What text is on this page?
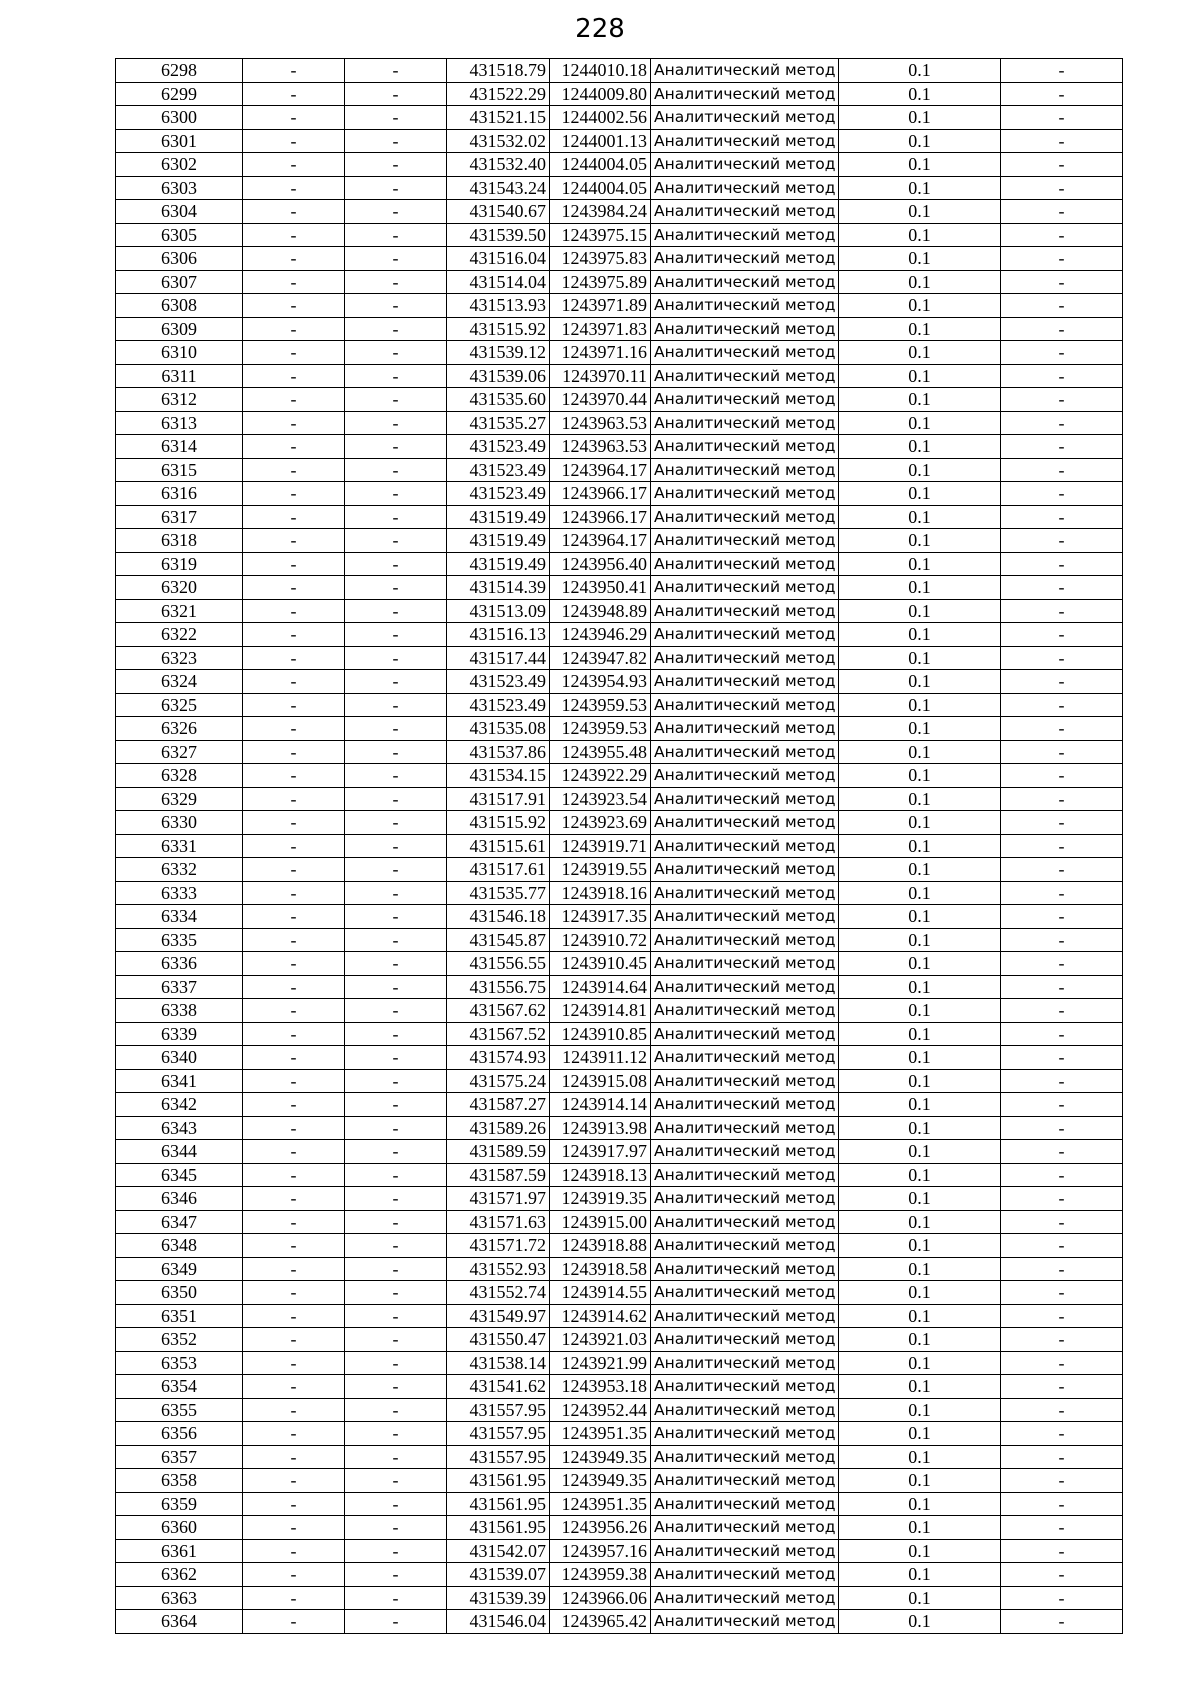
228
6298	-	-	431518.79	1244010.18	Аналитический метод	0.1	-
6299	-	-	431522.29	1244009.80	Аналитический метод	0.1	-
6300	-	-	431521.15	1244002.56	Аналитический метод	0.1	-
6301	-	-	431532.02	1244001.13	Аналитический метод	0.1	-
6302	-	-	431532.40	1244004.05	Аналитический метод	0.1	-
6303	-	-	431543.24	1244004.05	Аналитический метод	0.1	-
6304	-	-	431540.67	1243984.24	Аналитический метод	0.1	-
6305	-	-	431539.50	1243975.15	Аналитический метод	0.1	-
6306	-	-	431516.04	1243975.83	Аналитический метод	0.1	-
6307	-	-	431514.04	1243975.89	Аналитический метод	0.1	-
6308	-	-	431513.93	1243971.89	Аналитический метод	0.1	-
6309	-	-	431515.92	1243971.83	Аналитический метод	0.1	-
6310	-	-	431539.12	1243971.16	Аналитический метод	0.1	-
6311	-	-	431539.06	1243970.11	Аналитический метод	0.1	-
6312	-	-	431535.60	1243970.44	Аналитический метод	0.1	-
6313	-	-	431535.27	1243963.53	Аналитический метод	0.1	-
6314	-	-	431523.49	1243963.53	Аналитический метод	0.1	-
6315	-	-	431523.49	1243964.17	Аналитический метод	0.1	-
6316	-	-	431523.49	1243966.17	Аналитический метод	0.1	-
6317	-	-	431519.49	1243966.17	Аналитический метод	0.1	-
6318	-	-	431519.49	1243964.17	Аналитический метод	0.1	-
6319	-	-	431519.49	1243956.40	Аналитический метод	0.1	-
6320	-	-	431514.39	1243950.41	Аналитический метод	0.1	-
6321	-	-	431513.09	1243948.89	Аналитический метод	0.1	-
6322	-	-	431516.13	1243946.29	Аналитический метод	0.1	-
6323	-	-	431517.44	1243947.82	Аналитический метод	0.1	-
6324	-	-	431523.49	1243954.93	Аналитический метод	0.1	-
6325	-	-	431523.49	1243959.53	Аналитический метод	0.1	-
6326	-	-	431535.08	1243959.53	Аналитический метод	0.1	-
6327	-	-	431537.86	1243955.48	Аналитический метод	0.1	-
6328	-	-	431534.15	1243922.29	Аналитический метод	0.1	-
6329	-	-	431517.91	1243923.54	Аналитический метод	0.1	-
6330	-	-	431515.92	1243923.69	Аналитический метод	0.1	-
6331	-	-	431515.61	1243919.71	Аналитический метод	0.1	-
6332	-	-	431517.61	1243919.55	Аналитический метод	0.1	-
6333	-	-	431535.77	1243918.16	Аналитический метод	0.1	-
6334	-	-	431546.18	1243917.35	Аналитический метод	0.1	-
6335	-	-	431545.87	1243910.72	Аналитический метод	0.1	-
6336	-	-	431556.55	1243910.45	Аналитический метод	0.1	-
6337	-	-	431556.75	1243914.64	Аналитический метод	0.1	-
6338	-	-	431567.62	1243914.81	Аналитический метод	0.1	-
6339	-	-	431567.52	1243910.85	Аналитический метод	0.1	-
6340	-	-	431574.93	1243911.12	Аналитический метод	0.1	-
6341	-	-	431575.24	1243915.08	Аналитический метод	0.1	-
6342	-	-	431587.27	1243914.14	Аналитический метод	0.1	-
6343	-	-	431589.26	1243913.98	Аналитический метод	0.1	-
6344	-	-	431589.59	1243917.97	Аналитический метод	0.1	-
6345	-	-	431587.59	1243918.13	Аналитический метод	0.1	-
6346	-	-	431571.97	1243919.35	Аналитический метод	0.1	-
6347	-	-	431571.63	1243915.00	Аналитический метод	0.1	-
6348	-	-	431571.72	1243918.88	Аналитический метод	0.1	-
6349	-	-	431552.93	1243918.58	Аналитический метод	0.1	-
6350	-	-	431552.74	1243914.55	Аналитический метод	0.1	-
6351	-	-	431549.97	1243914.62	Аналитический метод	0.1	-
6352	-	-	431550.47	1243921.03	Аналитический метод	0.1	-
6353	-	-	431538.14	1243921.99	Аналитический метод	0.1	-
6354	-	-	431541.62	1243953.18	Аналитический метод	0.1	-
6355	-	-	431557.95	1243952.44	Аналитический метод	0.1	-
6356	-	-	431557.95	1243951.35	Аналитический метод	0.1	-
6357	-	-	431557.95	1243949.35	Аналитический метод	0.1	-
6358	-	-	431561.95	1243949.35	Аналитический метод	0.1	-
6359	-	-	431561.95	1243951.35	Аналитический метод	0.1	-
6360	-	-	431561.95	1243956.26	Аналитический метод	0.1	-
6361	-	-	431542.07	1243957.16	Аналитический метод	0.1	-
6362	-	-	431539.07	1243959.38	Аналитический метод	0.1	-
6363	-	-	431539.39	1243966.06	Аналитический метод	0.1	-
6364	-	-	431546.04	1243965.42	Аналитический метод	0.1	-
